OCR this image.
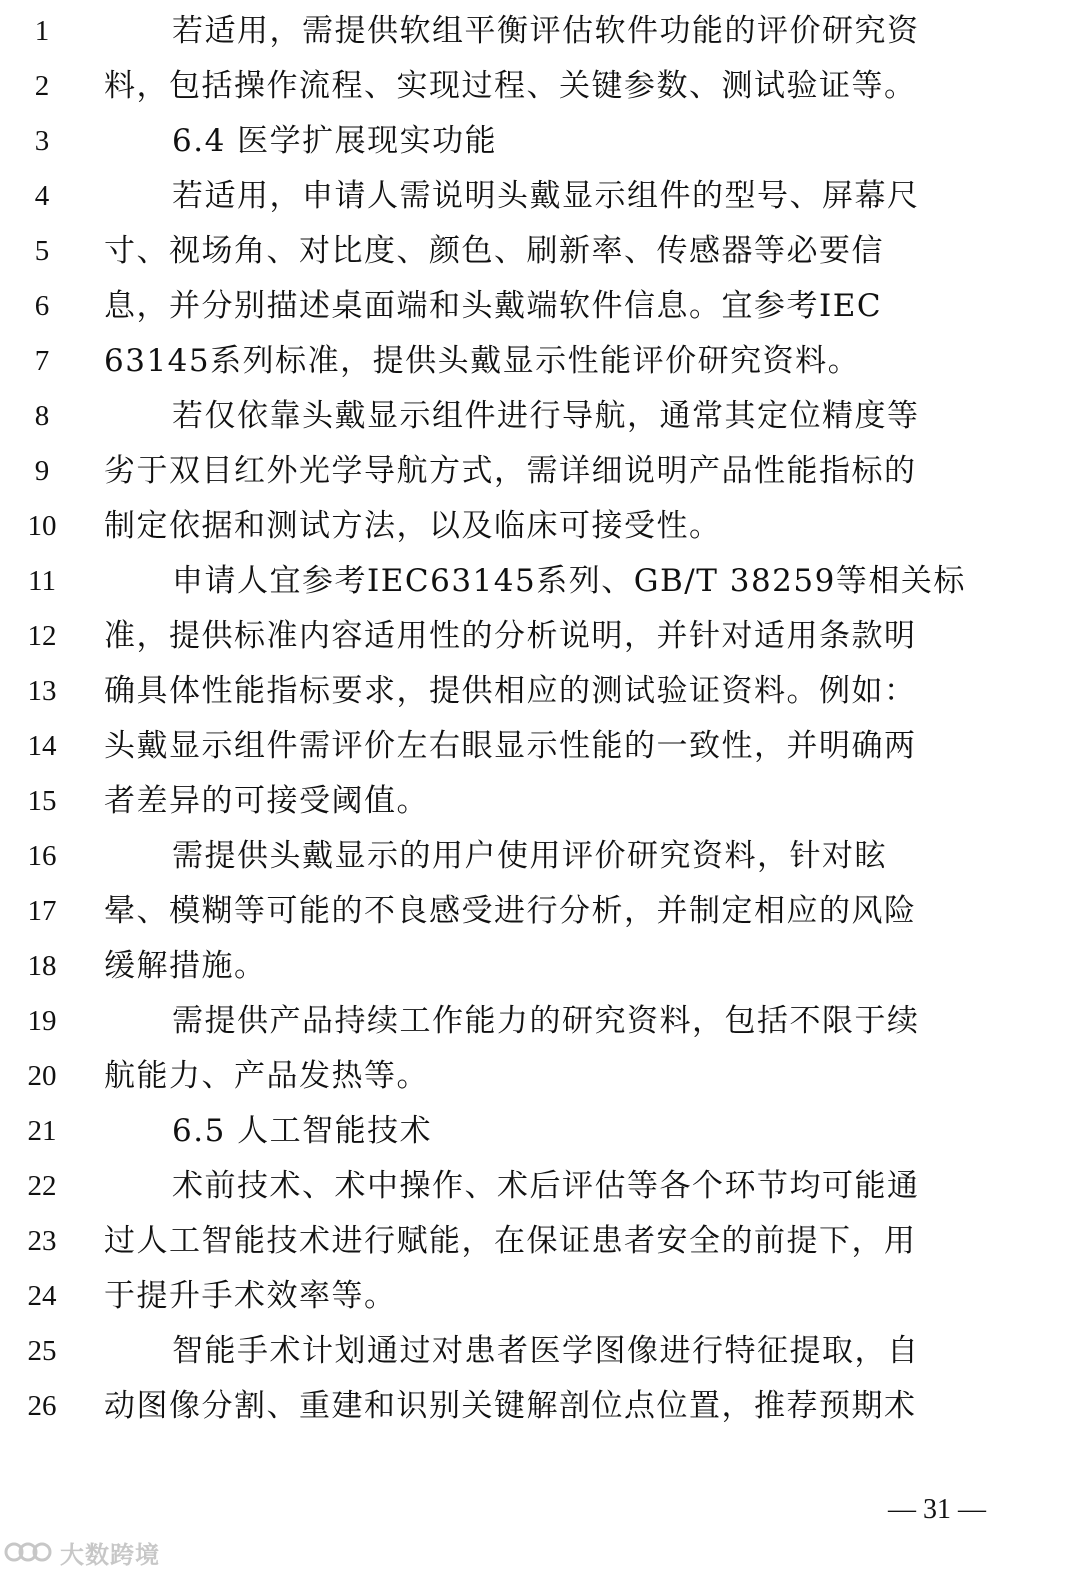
1	若适用，需提供软组平衡评估软件功能的评价研究资
2	料，包括操作流程、实现过程、关键参数、测试验证等。
3	6.4 医学扩展现实功能
4	若适用，申请人需说明头戴显示组件的型号、屏幕尺
5	寸、视场角、对比度、颜色、刷新率、传感器等必要信
6	息，并分别描述桌面端和头戴端软件信息。宜参考IEC
7	63145系列标准，提供头戴显示性能评价研究资料。
8	若仅依靠头戴显示组件进行导航，通常其定位精度等
9	劣于双目红外光学导航方式，需详细说明产品性能指标的
10	制定依据和测试方法，以及临床可接受性。
11	申请人宜参考IEC63145系列、GB/T 38259等相关标
12	准，提供标准内容适用性的分析说明，并针对适用条款明
13	确具体性能指标要求，提供相应的测试验证资料。例如：
14	头戴显示组件需评价左右眼显示性能的一致性，并明确两
15	者差异的可接受阈值。
16	需提供头戴显示的用户使用评价研究资料，针对眩
17	晕、模糊等可能的不良感受进行分析，并制定相应的风险
18	缓解措施。
19	需提供产品持续工作能力的研究资料，包括不限于续
20	航能力、产品发热等。
21	6.5 人工智能技术
22	术前技术、术中操作、术后评估等各个环节均可能通
23	过人工智能技术进行赋能，在保证患者安全的前提下，用
24	于提升手术效率等。
25	智能手术计划通过对患者医学图像进行特征提取，自
26	动图像分割、重建和识别关键解剖位点位置，推荐预期术
— 31 —
大数跨境
